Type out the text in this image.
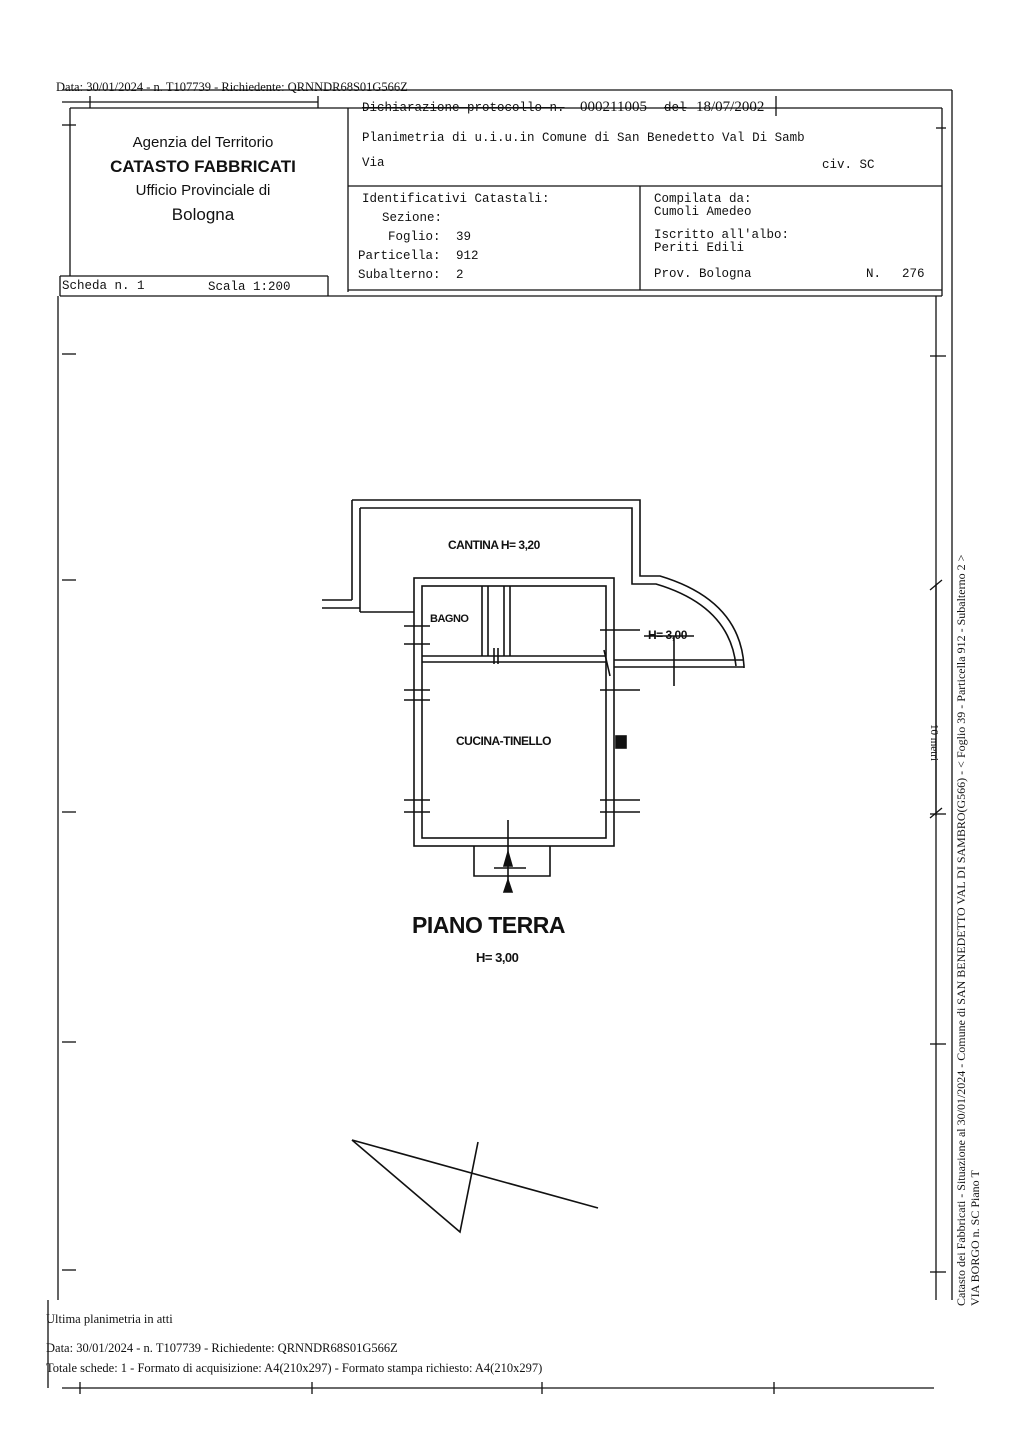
Data: 30/01/2024 - n. T107739 - Richiedente: QRNNDR68S01G566Z
Agenzia del Territorio
CATASTO FABBRICATI
Ufficio Provinciale di
Bologna
Dichiarazione protocollo n. 000211005 del 18/07/2002
Planimetria di u.i.u.in Comune di San Benedetto Val Di Samb
Via	civ. SC
Identificativi Catastali:
Sezione:
Foglio: 39
Particella: 912
Subalterno: 2
Compilata da:
Cumoli Amedeo
Iscritto all'albo:
Periti Edili
Prov. Bologna	N. 276
Scheda n. 1	Scala 1:200
CANTINA H= 3,20
BAGNO
H= 3,00
CUCINA-TINELLO
PIANO TERRA
H= 3,00
10 metri Catasto dei Fabbricati - Situazione al 30/01/2024 - Comune di SAN BENEDETTO VAL DI SAMBRO(G566) - < Foglio 39 - Particella 912 - Subalterno 2 > VIA BORGO n. SC Piano T
Ultima planimetria in atti
Data: 30/01/2024 - n. T107739 - Richiedente: QRNNDR68S01G566Z
Totale schede: 1 - Formato di acquisizione: A4(210x297) - Formato stampa richiesto: A4(210x297)
